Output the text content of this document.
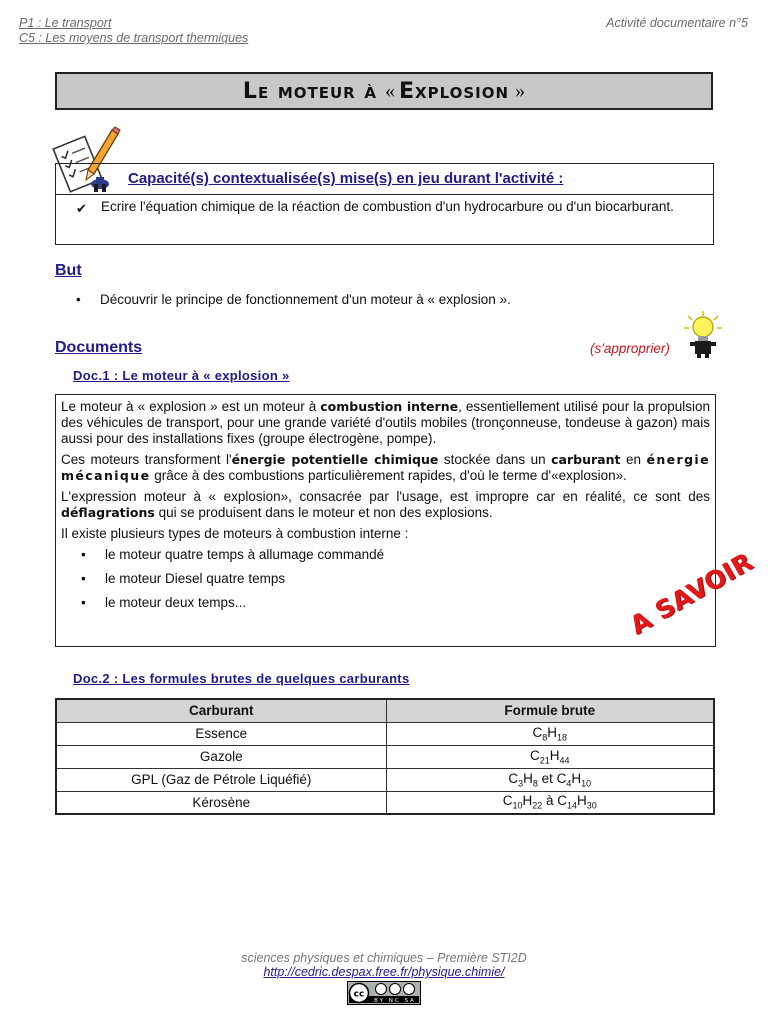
P1 : Le transport
C5 : Les moyens de transport thermiques
Activité documentaire n°5
Le moteur à « Explosion »
Capacité(s) contextualisée(s) mise(s) en jeu durant l'activité :
✔ Ecrire l'équation chimique de la réaction de combustion d'un hydrocarbure ou d'un biocarburant.
But
• Découvrir le principe de fonctionnement d'un moteur à « explosion ».
Documents	(s'approprier)
Doc.1 : Le moteur à « explosion »

Le moteur à « explosion » est un moteur à combustion interne, essentiellement utilisé pour la propulsion des véhicules de transport, pour une grande variété d'outils mobiles (tronçonneuse, tondeuse à gazon) mais aussi pour des installations fixes (groupe électrogène, pompe).

Ces moteurs transforment l'énergie potentielle chimique stockée dans un carburant en énergie mécanique grâce à des combustions particulièrement rapides, d'où le terme d'«explosion».

L'expression moteur à « explosion», consacrée par l'usage, est impropre car en réalité, ce sont des déflagrations qui se produisent dans le moteur et non des explosions.

Il existe plusieurs types de moteurs à combustion interne :

• le moteur quatre temps à allumage commandé
• le moteur Diesel quatre temps
• le moteur deux temps...	A SAVOIR
Doc.2 : Les formules brutes de quelques carburants
Carburant	Formule brute
Essence	$C_8H_{18}$
Gazole	$C_{21}H_{44}$
GPL (Gaz de Pétrole Liquéfié)	$C_3H_8$ et $C_4H_{10}$
Kérosène	$C_{10}H_{22}$ à $C_{14}H_{30}$
sciences physiques et chimiques – Première STI2D
http://cedric.despax.free.fr/physique.chimie/
cc
BY NC SA
